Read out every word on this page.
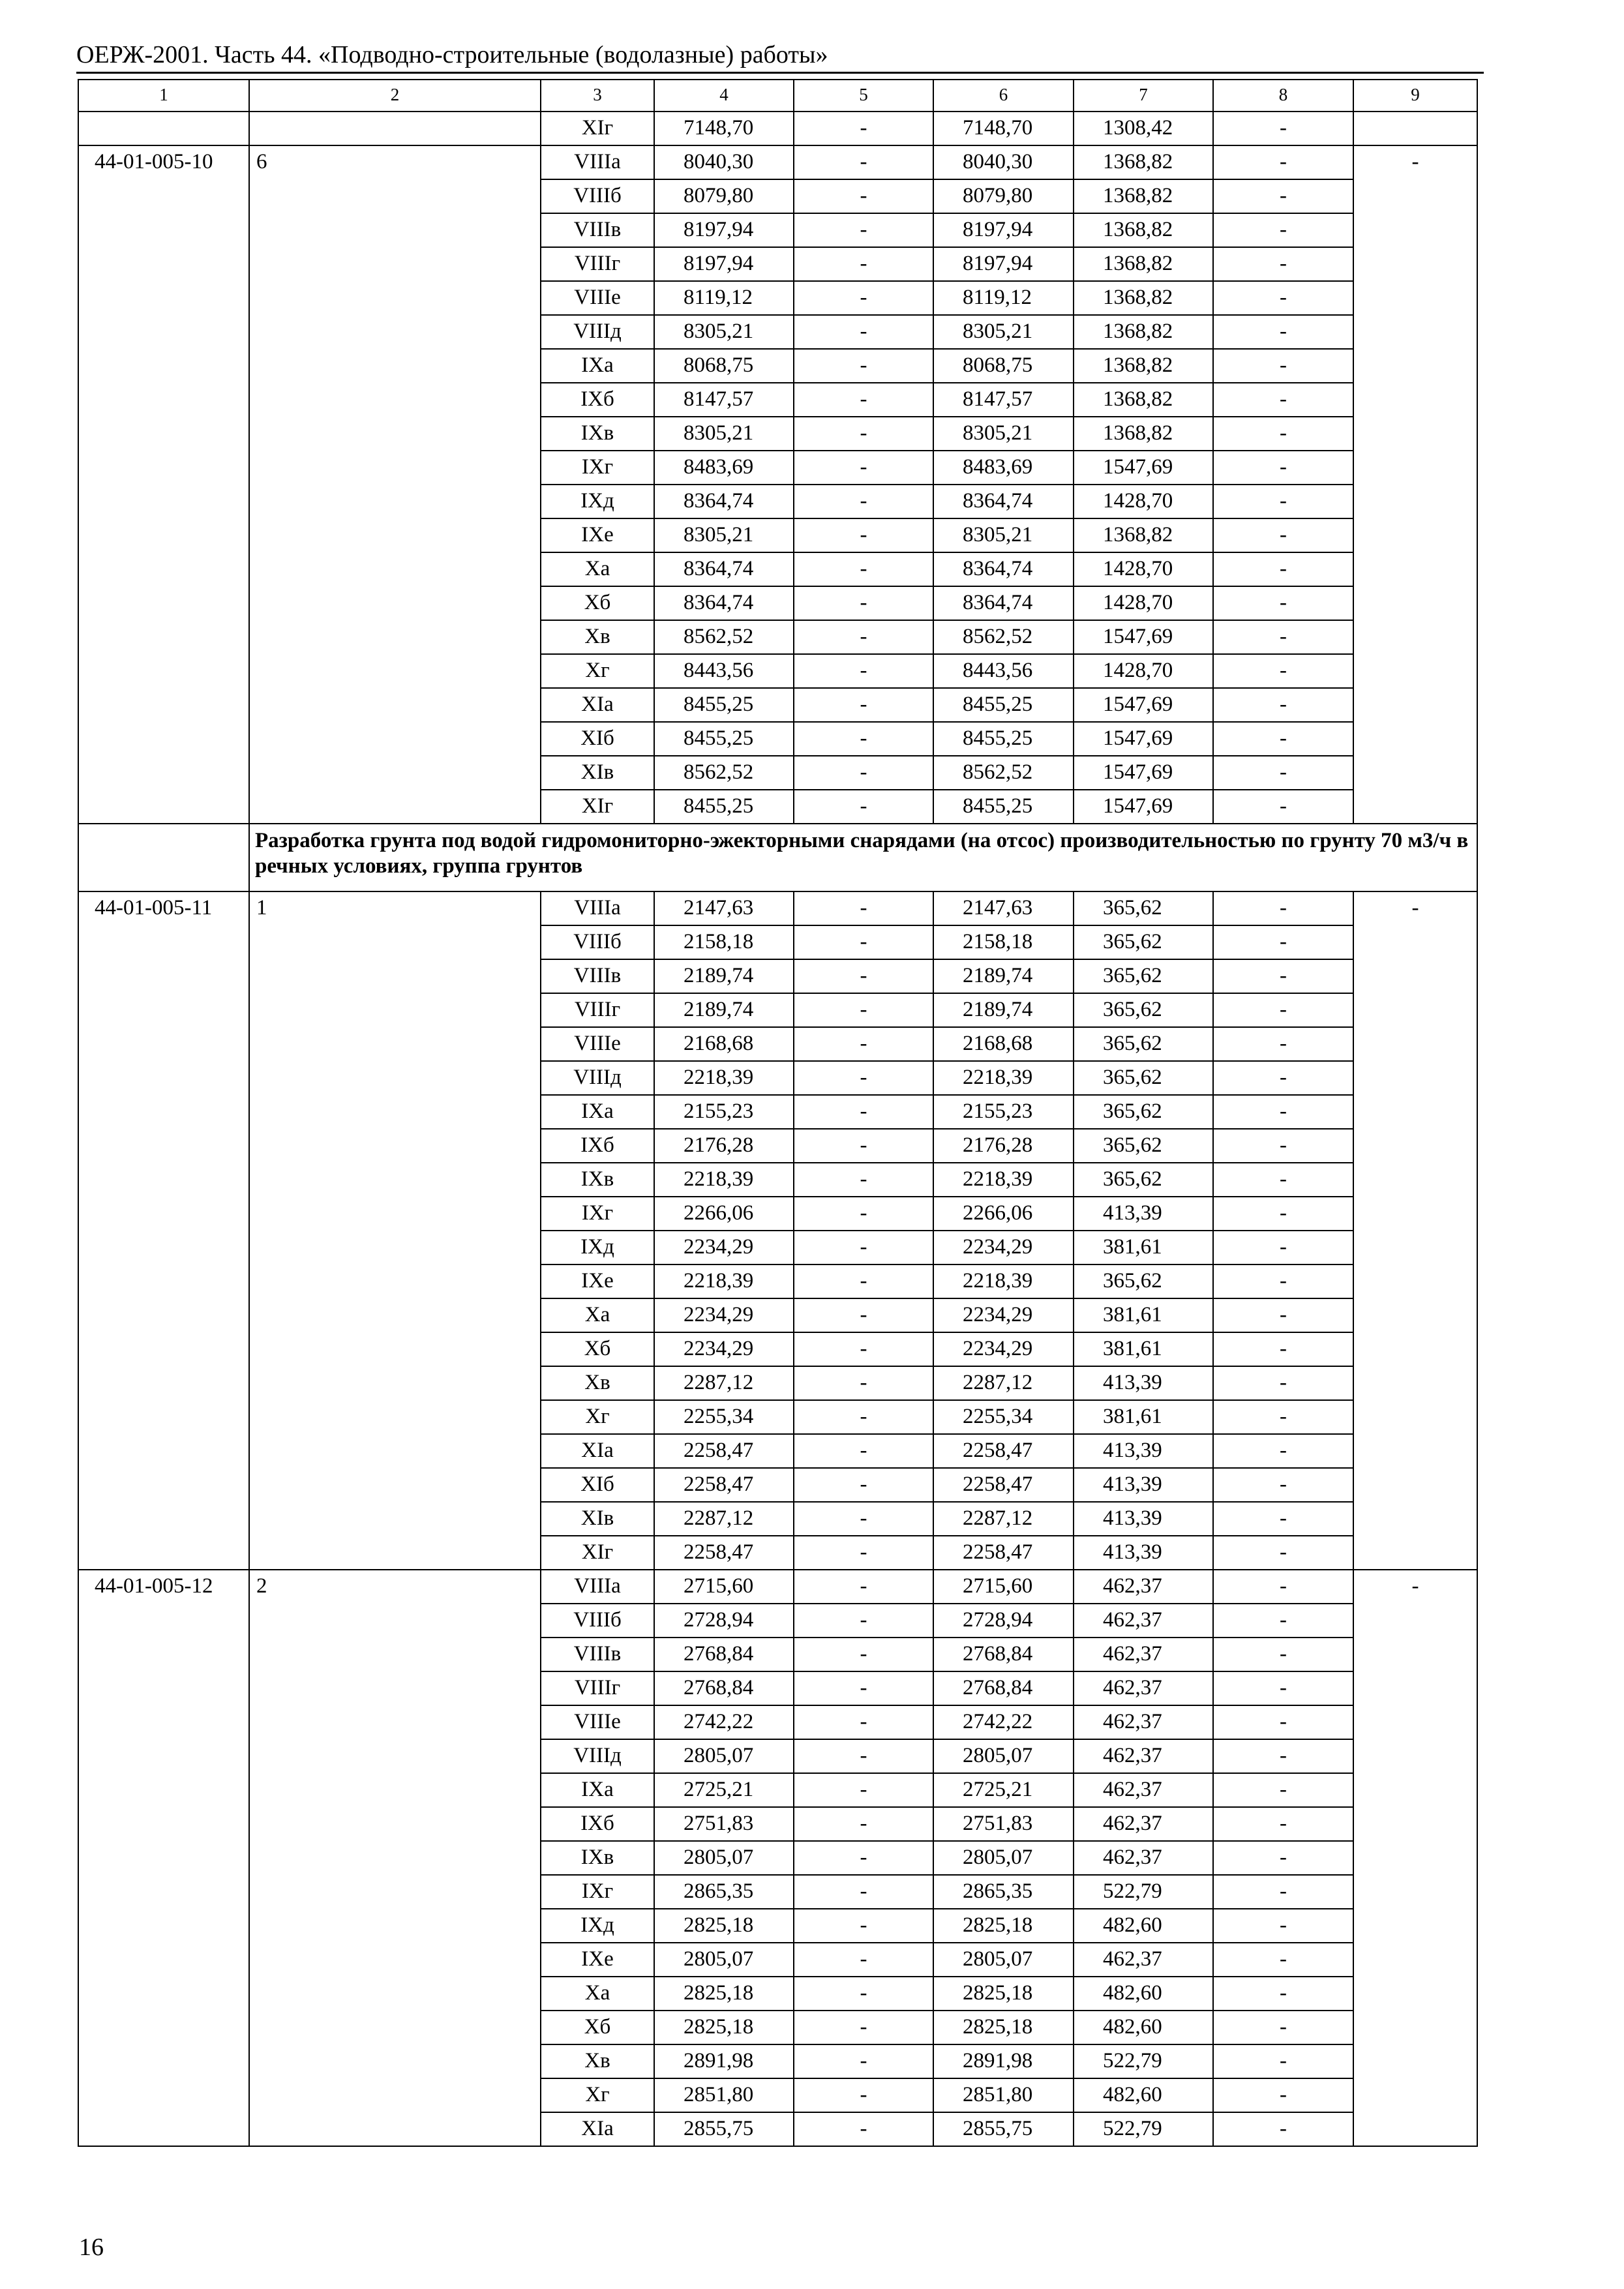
ОЕРЖ-2001. Часть 44. «Подводно-строительные (водолазные) работы»
1	2	3	4	5	6	7	8	9
		XIг	7148,70	-	7148,70	1308,42	-	
44-01-005-10	6	VIIIа	8040,30	-	8040,30	1368,82	-	-
		VIIIб	8079,80	-	8079,80	1368,82	-	
		VIIIв	8197,94	-	8197,94	1368,82	-	
		VIIIг	8197,94	-	8197,94	1368,82	-	
		VIIIе	8119,12	-	8119,12	1368,82	-	
		VIIIд	8305,21	-	8305,21	1368,82	-	
		IXа	8068,75	-	8068,75	1368,82	-	
		IXб	8147,57	-	8147,57	1368,82	-	
		IXв	8305,21	-	8305,21	1368,82	-	
		IXг	8483,69	-	8483,69	1547,69	-	
		IXд	8364,74	-	8364,74	1428,70	-	
		IXе	8305,21	-	8305,21	1368,82	-	
		Xа	8364,74	-	8364,74	1428,70	-	
		Xб	8364,74	-	8364,74	1428,70	-	
		Xв	8562,52	-	8562,52	1547,69	-	
		Xг	8443,56	-	8443,56	1428,70	-	
		XIа	8455,25	-	8455,25	1547,69	-	
		XIб	8455,25	-	8455,25	1547,69	-	
		XIв	8562,52	-	8562,52	1547,69	-	
		XIг	8455,25	-	8455,25	1547,69	-	
	Разработка грунта под водой гидромониторно-эжекторными снарядами (на отсос) производительностью по грунту 70 м3/ч в речных условиях, группа грунтов							
44-01-005-11	1	VIIIа	2147,63	-	2147,63	365,62	-	-
		VIIIб	2158,18	-	2158,18	365,62	-	
		VIIIв	2189,74	-	2189,74	365,62	-	
		VIIIг	2189,74	-	2189,74	365,62	-	
		VIIIе	2168,68	-	2168,68	365,62	-	
		VIIIд	2218,39	-	2218,39	365,62	-	
		IXа	2155,23	-	2155,23	365,62	-	
		IXб	2176,28	-	2176,28	365,62	-	
		IXв	2218,39	-	2218,39	365,62	-	
		IXг	2266,06	-	2266,06	413,39	-	
		IXд	2234,29	-	2234,29	381,61	-	
		IXе	2218,39	-	2218,39	365,62	-	
		Xа	2234,29	-	2234,29	381,61	-	
		Xб	2234,29	-	2234,29	381,61	-	
		Xв	2287,12	-	2287,12	413,39	-	
		Xг	2255,34	-	2255,34	381,61	-	
		XIа	2258,47	-	2258,47	413,39	-	
		XIб	2258,47	-	2258,47	413,39	-	
		XIв	2287,12	-	2287,12	413,39	-	
		XIг	2258,47	-	2258,47	413,39	-	
44-01-005-12	2	VIIIа	2715,60	-	2715,60	462,37	-	-
		VIIIб	2728,94	-	2728,94	462,37	-	
		VIIIв	2768,84	-	2768,84	462,37	-	
		VIIIг	2768,84	-	2768,84	462,37	-	
		VIIIе	2742,22	-	2742,22	462,37	-	
		VIIIд	2805,07	-	2805,07	462,37	-	
		IXа	2725,21	-	2725,21	462,37	-	
		IXб	2751,83	-	2751,83	462,37	-	
		IXв	2805,07	-	2805,07	462,37	-	
		IXг	2865,35	-	2865,35	522,79	-	
		IXд	2825,18	-	2825,18	482,60	-	
		IXе	2805,07	-	2805,07	462,37	-	
		Xа	2825,18	-	2825,18	482,60	-	
		Xб	2825,18	-	2825,18	482,60	-	
		Xв	2891,98	-	2891,98	522,79	-	
		Xг	2851,80	-	2851,80	482,60	-	
		XIа	2855,75	-	2855,75	522,79	-	
16
